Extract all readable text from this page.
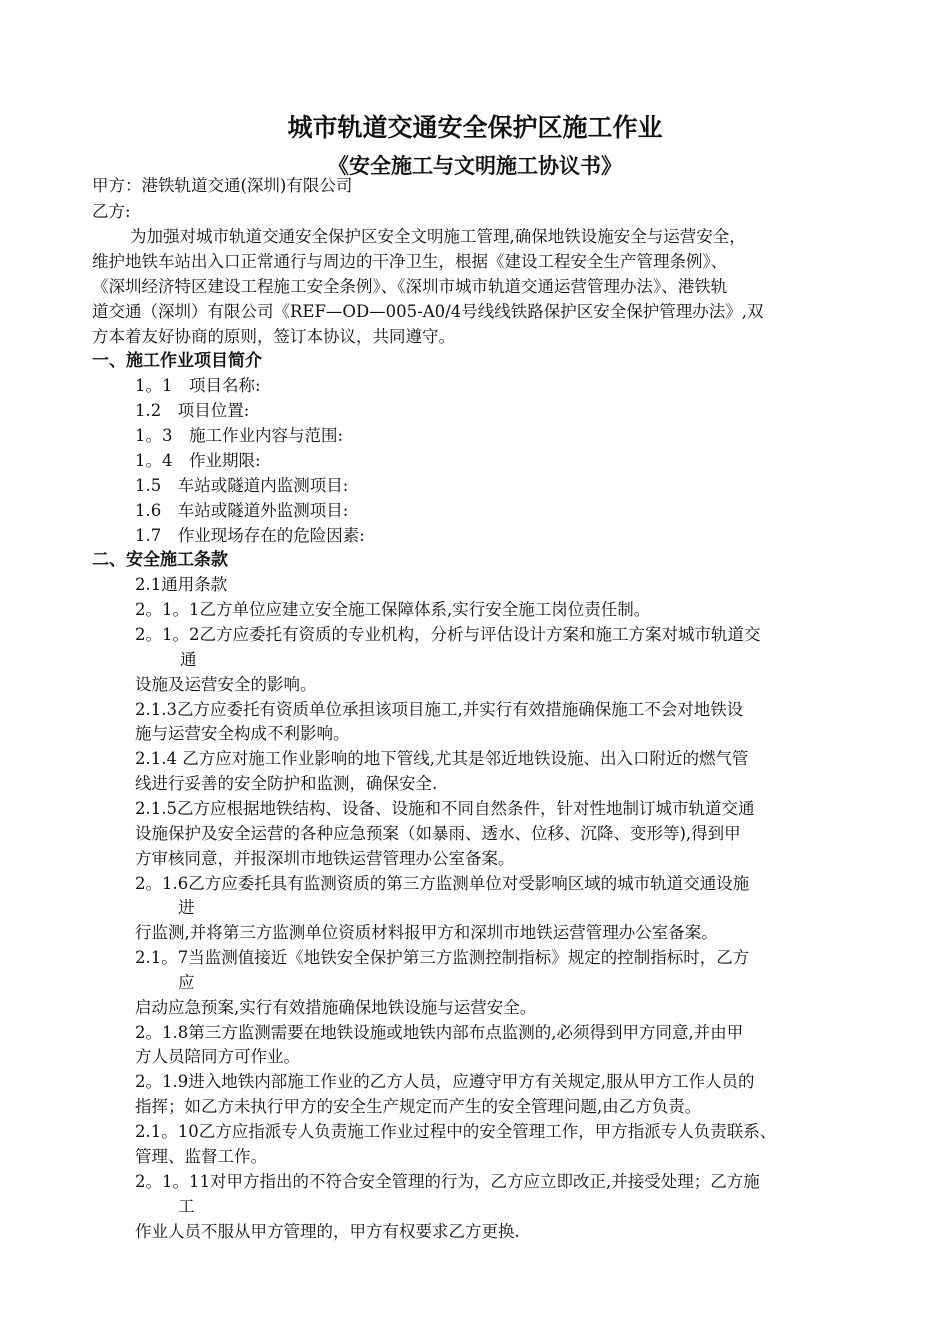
城市轨道交通安全保护区施工作业
《安全施工与文明施工协议书》
甲方：港铁轨道交通(深圳)有限公司
乙方:
为加强对城市轨道交通安全保护区安全文明施工管理,确保地铁设施安全与运营安全，
维护地铁车站出入口正常通行与周边的干净卫生，根据《建设工程安全生产管理条例》、
《深圳经济特区建设工程施工安全条例》、《深圳市城市轨道交通运营管理办法》、港铁轨
道交通（深圳）有限公司《REF—OD—005-A0/4号线线铁路保护区安全保护管理办法》,双
方本着友好协商的原则，签订本协议，共同遵守。
一、施工作业项目简介
1。1　项目名称:
1.2　项目位置:
1。3　施工作业内容与范围:
1。4　作业期限:
1.5　车站或隧道内监测项目:
1.6　车站或隧道外监测项目:
1.7　作业现场存在的危险因素:
二、安全施工条款
2.1通用条款
2。1。1乙方单位应建立安全施工保障体系,实行安全施工岗位责任制。
2。1。2乙方应委托有资质的专业机构，分析与评估设计方案和施工方案对城市轨道交
通
设施及运营安全的影响。
2.1.3乙方应委托有资质单位承担该项目施工,并实行有效措施确保施工不会对地铁设
施与运营安全构成不利影响。
2.1.4 乙方应对施工作业影响的地下管线,尤其是邻近地铁设施、出入口附近的燃气管
线进行妥善的安全防护和监测，确保安全.
2.1.5乙方应根据地铁结构、设备、设施和不同自然条件，针对性地制订城市轨道交通
设施保护及安全运营的各种应急预案（如暴雨、透水、位移、沉降、变形等),得到甲
方审核同意，并报深圳市地铁运营管理办公室备案。
2。1.6乙方应委托具有监测资质的第三方监测单位对受影响区域的城市轨道交通设施
进
行监测,并将第三方监测单位资质材料报甲方和深圳市地铁运营管理办公室备案。
2.1。7当监测值接近《地铁安全保护第三方监测控制指标》规定的控制指标时，乙方
应
启动应急预案,实行有效措施确保地铁设施与运营安全。
2。1.8第三方监测需要在地铁设施或地铁内部布点监测的,必须得到甲方同意,并由甲
方人员陪同方可作业。
2。1.9进入地铁内部施工作业的乙方人员，应遵守甲方有关规定,服从甲方工作人员的
指挥；如乙方未执行甲方的安全生产规定而产生的安全管理问题,由乙方负责。
2.1。10乙方应指派专人负责施工作业过程中的安全管理工作，甲方指派专人负责联系、
管理、监督工作。
2。1。11对甲方指出的不符合安全管理的行为，乙方应立即改正,并接受处理；乙方施
工
作业人员不服从甲方管理的，甲方有权要求乙方更换.
